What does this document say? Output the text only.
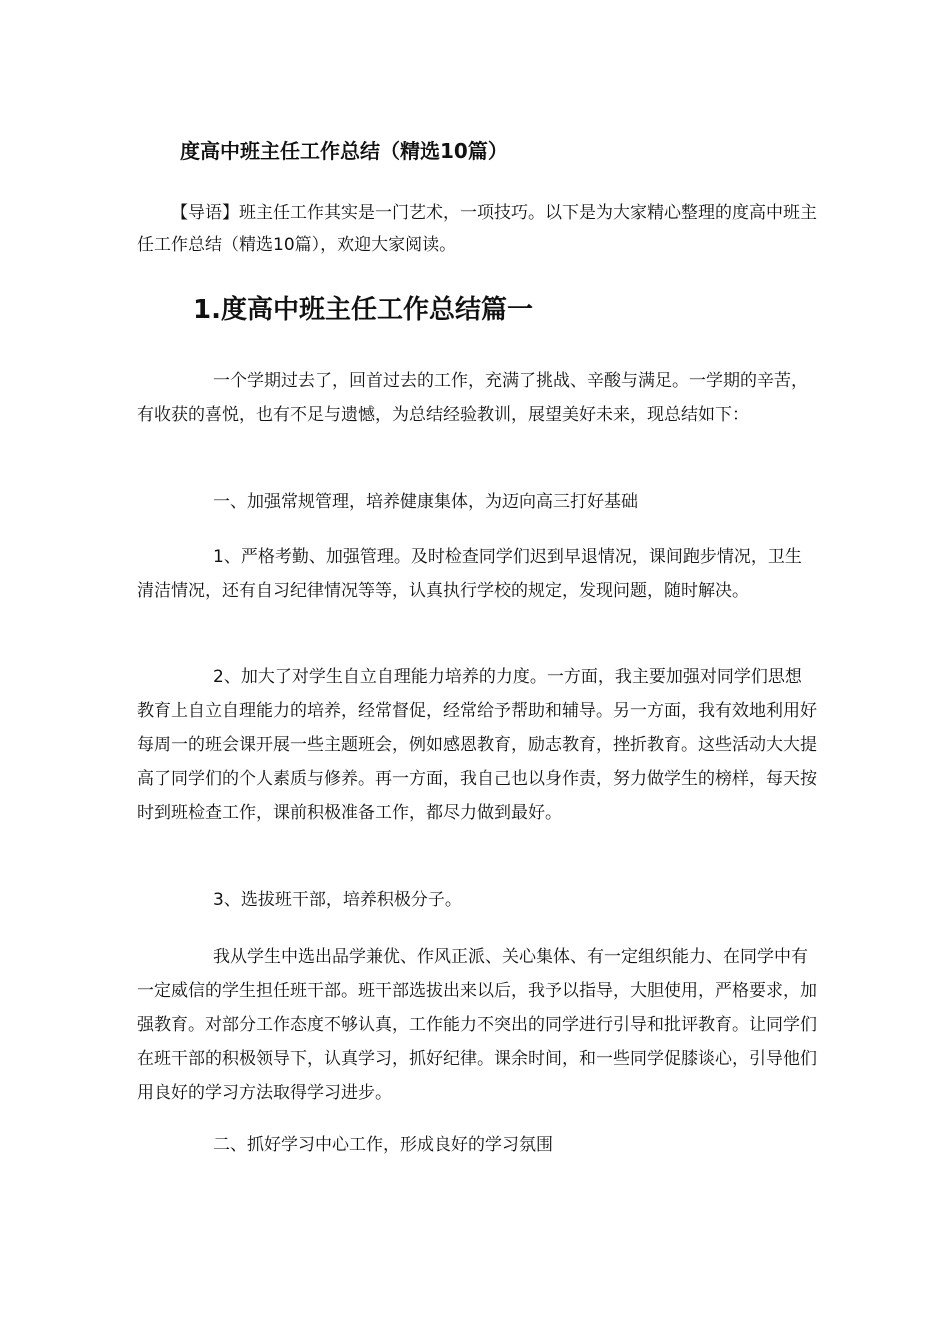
度高中班主任工作总结（精选10篇）
【导语】班主任工作其实是一门艺术，一项技巧。以下是为大家精心整理的度高中班主任工作总结（精选10篇），欢迎大家阅读。
1.度高中班主任工作总结篇一

一个学期过去了，回首过去的工作，充满了挑战、辛酸与满足。一学期的辛苦，有收获的喜悦，也有不足与遗憾，为总结经验教训，展望美好未来，现总结如下：

一、加强常规管理，培养健康集体，为迈向高三打好基础

1、严格考勤、加强管理。及时检查同学们迟到早退情况，课间跑步情况，卫生清洁情况，还有自习纪律情况等等，认真执行学校的规定，发现问题，随时解决。

2、加大了对学生自立自理能力培养的力度。一方面，我主要加强对同学们思想教育上自立自理能力的培养，经常督促，经常给予帮助和辅导。另一方面，我有效地利用好每周一的班会课开展一些主题班会，例如感恩教育，励志教育，挫折教育。这些活动大大提高了同学们的个人素质与修养。再一方面，我自己也以身作责，努力做学生的榜样，每天按时到班检查工作，课前积极准备工作，都尽力做到最好。

3、选拔班干部，培养积极分子。

我从学生中选出品学兼优、作风正派、关心集体、有一定组织能力、在同学中有一定威信的学生担任班干部。班干部选拔出来以后，我予以指导，大胆使用，严格要求，加强教育。对部分工作态度不够认真，工作能力不突出的同学进行引导和批评教育。让同学们在班干部的积极领导下，认真学习，抓好纪律。课余时间，和一些同学促膝谈心，引导他们用良好的学习方法取得学习进步。

二、抓好学习中心工作，形成良好的学习氛围
